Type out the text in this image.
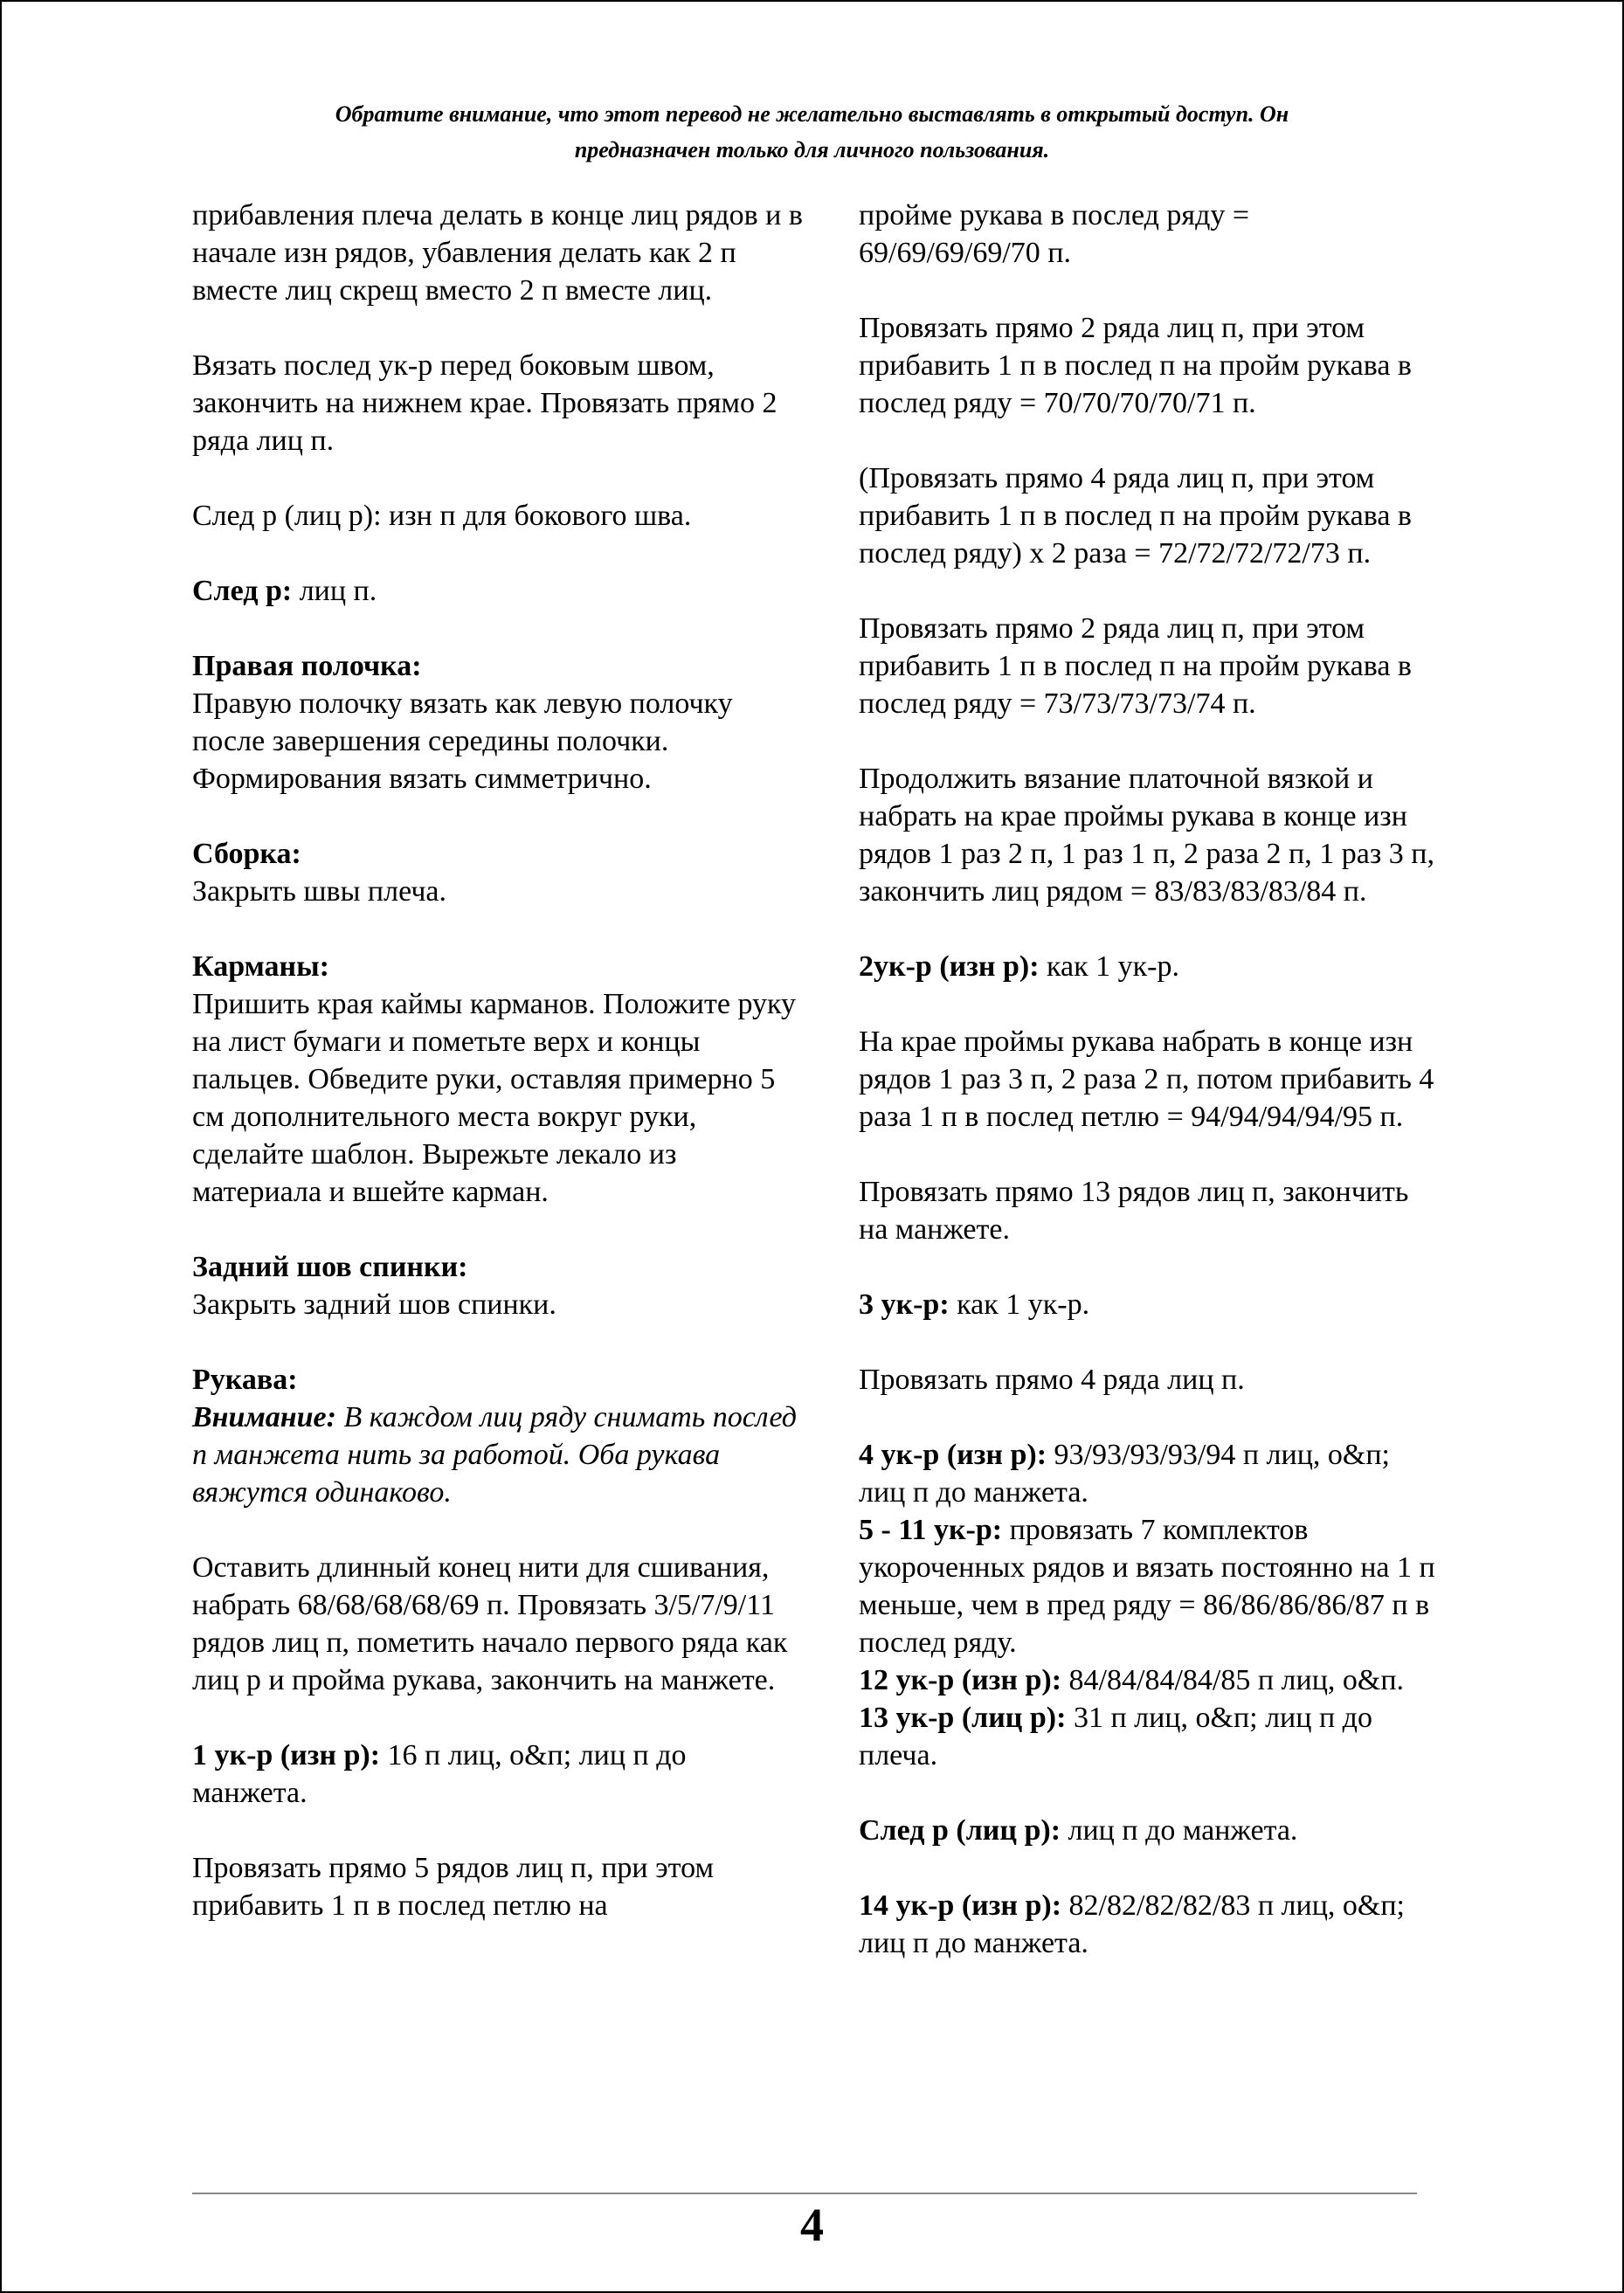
Обратите внимание, что этот перевод не желательно выставлять в открытый доступ. Он
предназначен только для личного пользования.

прибавления плеча делать в конце лиц рядов и в начале изн рядов, убавления делать как 2 п вместе лиц скрещ вместо 2 п вместе лиц.

Вязать послед ук-р перед боковым швом, закончить на нижнем крае. Провязать прямо 2 ряда лиц п.

След р (лиц р): изн п для бокового шва.

След р: лиц п.

Правая полочка:
Правую полочку вязать как левую полочку после завершения середины полочки. Формирования вязать симметрично.

Сборка:
Закрыть швы плеча.

Карманы:
Пришить края каймы карманов. Положите руку на лист бумаги и пометьте верх и концы пальцев. Обведите руки, оставляя примерно 5 см дополнительного места вокруг руки, сделайте шаблон. Вырежьте лекало из материала и вшейте карман.

Задний шов спинки:
Закрыть задний шов спинки.

Рукава:
Внимание: В каждом лиц ряду снимать послед п манжета нить за работой. Оба рукава вяжутся одинаково.

Оставить длинный конец нити для сшивания, набрать 68/68/68/68/69 п. Провязать 3/5/7/9/11 рядов лиц п, пометить начало первого ряда как лиц р и пройма рукава, закончить на манжете.

1 ук-р (изн р): 16 п лиц, o&п; лиц п до манжета.

Провязать прямо 5 рядов лиц п, при этом прибавить 1 п в послед петлю на

пройме рукава в послед ряду = 69/69/69/69/70 п.

Провязать прямо 2 ряда лиц п, при этом прибавить 1 п в послед п на пройм рукава в послед ряду = 70/70/70/70/71 п.

(Провязать прямо 4 ряда лиц п, при этом прибавить 1 п в послед п на пройм рукава в послед ряду) х 2 раза = 72/72/72/72/73 п.

Провязать прямо 2 ряда лиц п, при этом прибавить 1 п в послед п на пройм рукава в послед ряду = 73/73/73/73/74 п.

Продолжить вязание платочной вязкой и набрать на крае проймы рукава в конце изн рядов 1 раз 2 п, 1 раз 1 п, 2 раза 2 п, 1 раз 3 п, закончить лиц рядом = 83/83/83/83/84 п.

2ук-р (изн р): как 1 ук-р.

На крае проймы рукава набрать в конце изн рядов 1 раз 3 п, 2 раза 2 п, потом прибавить 4 раза 1 п в послед петлю = 94/94/94/94/95 п.

Провязать прямо 13 рядов лиц п, закончить на манжете.

3 ук-р: как 1 ук-р.

Провязать прямо 4 ряда лиц п.

4 ук-р (изн р): 93/93/93/93/94 п лиц, o&п; лиц п до манжета.

5 - 11 ук-р: провязать 7 комплектов укороченных рядов и вязать постоянно на 1 п меньше, чем в пред ряду = 86/86/86/86/87 п в послед ряду.

12 ук-р (изн р): 84/84/84/84/85 п лиц, o&п.

13 ук-р (лиц р): 31 п лиц, o&п; лиц п до плеча.

След р (лиц р): лиц п до манжета.

14 ук-р (изн р): 82/82/82/82/83 п лиц, o&п; лиц п до манжета.

4
